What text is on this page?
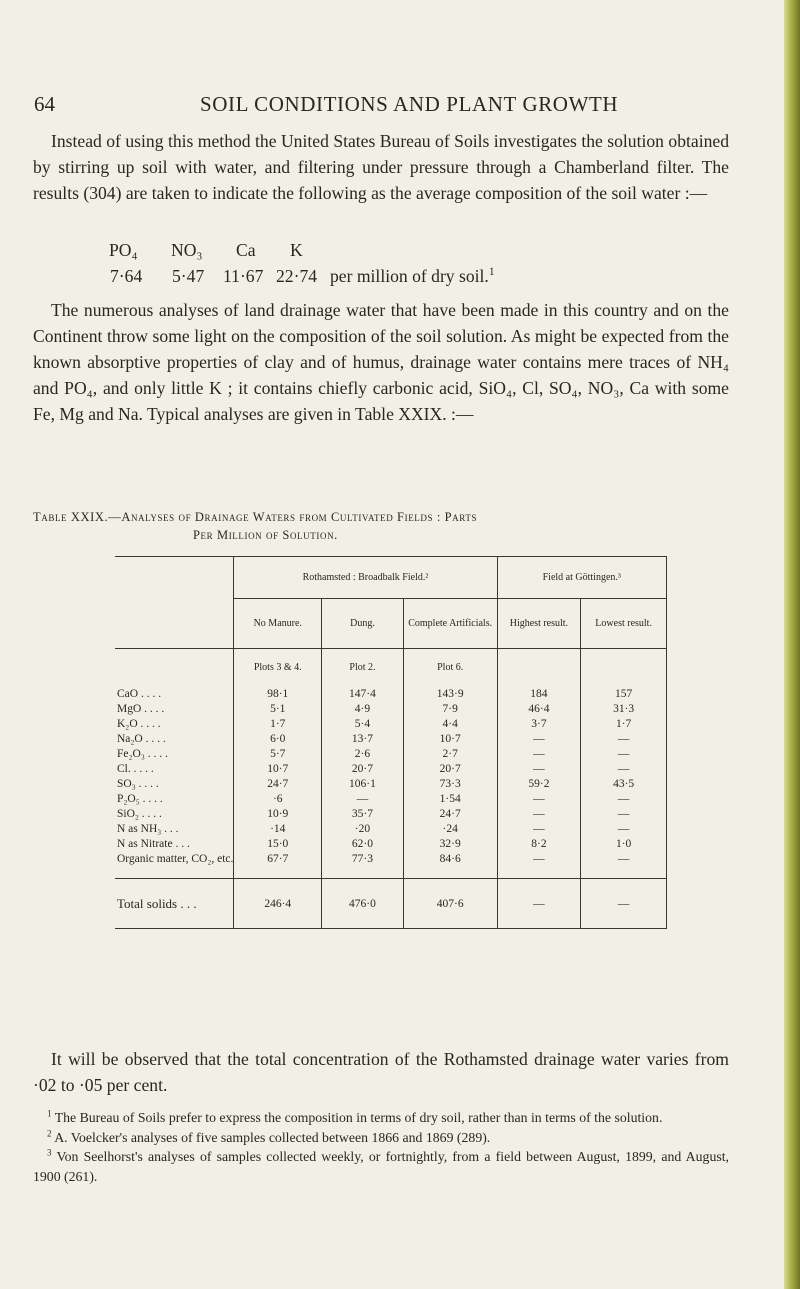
64	SOIL CONDITIONS AND PLANT GROWTH

Instead of using this method the United States Bureau of Soils investigates the solution obtained by stirring up soil with water, and filtering under pressure through a Chamberland filter. The results (304) are taken to indicate the following as the average composition of the soil water :—

PO₄ NO₃ Ca K
7·64 5·47 11·67 22·74 per million of dry soil.$^1$

The numerous analyses of land drainage water that have been made in this country and on the Continent throw some light on the composition of the soil solution. As might be expected from the known absorptive properties of clay and of humus, drainage water contains mere traces of NH₄ and PO₄, and only little K ; it contains chiefly carbonic acid, SiO₄, Cl, SO₄, NO₃, Ca with some Fe, Mg and Na. Typical analyses are given in Table XXIX. :—

Table XXIX.—Analyses of Drainage Waters from Cultivated Fields : Parts
Per Million of Solution.
	Rothamsted : Broadbalk Field.²			Field at Göttingen.³	
	No Manure.	Dung.	Complete Artificials.	Highest result.	Lowest result.
	Plots 3 & 4.	Plot 2.	Plot 6.		
CaO . . . .	98·1	147·4	143·9	184	157
MgO . . . .	5·1	4·9	7·9	46·4	31·3
K₂O . . . .	1·7	5·4	4·4	3·7	1·7
Na₂O . . . .	6·0	13·7	10·7	—	—
Fe₂O₃ . . . .	5·7	2·6	2·7	—	—
Cl. . . . .	10·7	20·7	20·7	—	—
SO₃ . . . .	24·7	106·1	73·3	59·2	43·5
P₂O₅ . . . .	·6	—	1·54	—	—
SiO₂ . . . .	10·9	35·7	24·7	—	—
N as NH₃ . . .	·14	·20	·24	—	—
N as Nitrate . . .	15·0	62·0	32·9	8·2	1·0
Organic matter, CO₂, etc.	67·7	77·3	84·6	—	—

Total solids . . .	246·4	476·0	407·6	—	—

It will be observed that the total concentration of the Rothamsted drainage water varies from ·02 to ·05 per cent.

$^1$ The Bureau of Soils prefer to express the composition in terms of dry soil, rather than in terms of the solution.

$^2$ A. Voelcker's analyses of five samples collected between 1866 and 1869 (289).

$^3$ Von Seelhorst's analyses of samples collected weekly, or fortnightly, from a field between August, 1899, and August, 1900 (261).
